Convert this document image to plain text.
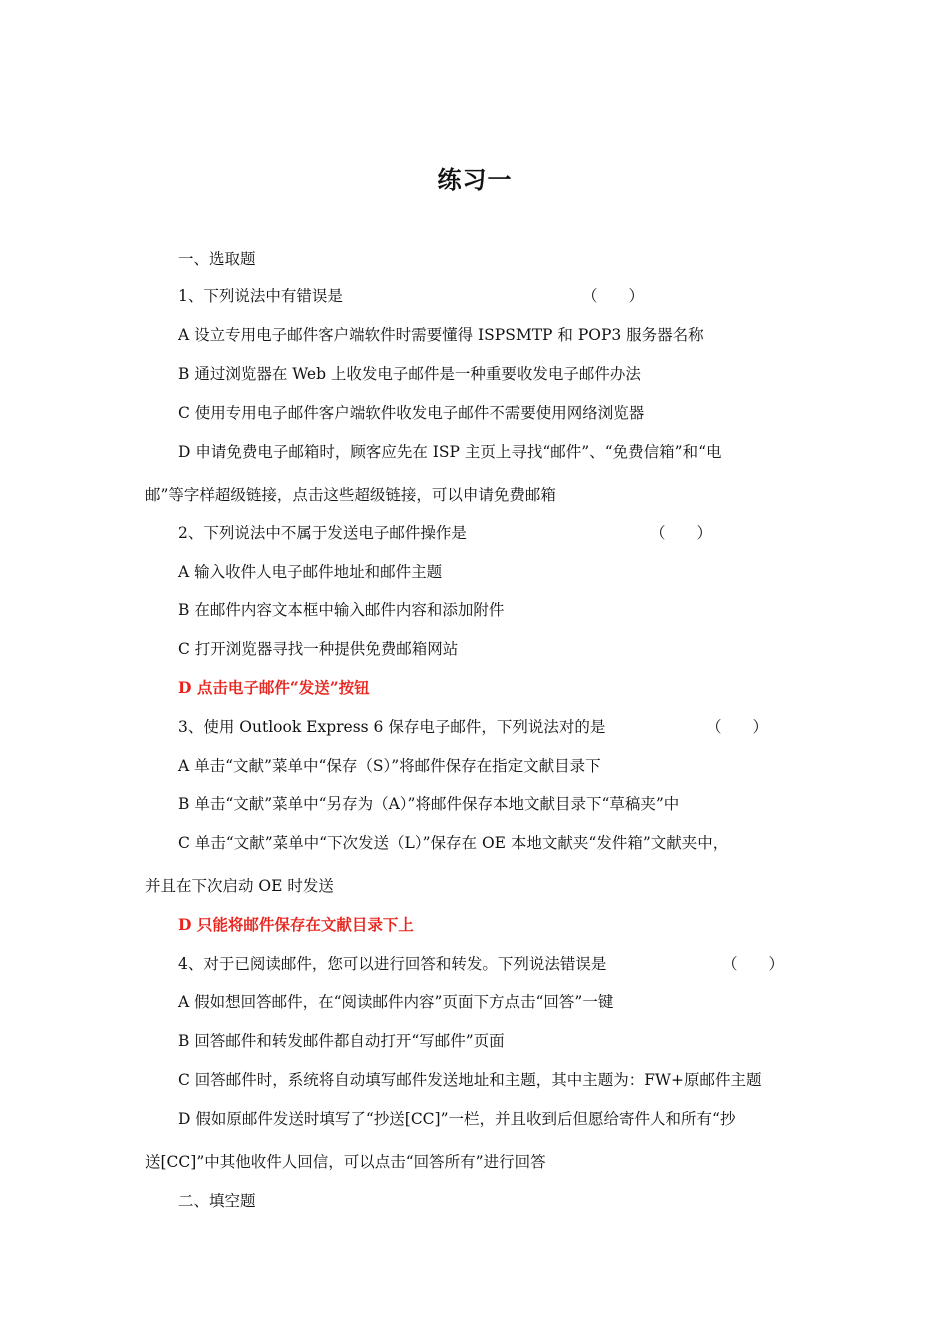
练习一
一、选取题
1、下列说法中有错误是	（　　）
A 设立专用电子邮件客户端软件时需要懂得 ISPSMTP 和 POP3 服务器名称
B 通过浏览器在 Web 上收发电子邮件是一种重要收发电子邮件办法
C 使用专用电子邮件客户端软件收发电子邮件不需要使用网络浏览器
D 申请免费电子邮箱时，顾客应先在 ISP 主页上寻找“邮件”、“免费信箱”和“电
邮”等字样超级链接，点击这些超级链接，可以申请免费邮箱
2、下列说法中不属于发送电子邮件操作是	（　　）
A 输入收件人电子邮件地址和邮件主题
B 在邮件内容文本框中输入邮件内容和添加附件
C 打开浏览器寻找一种提供免费邮箱网站
D 点击电子邮件“发送”按钮
3、使用 Outlook Express 6 保存电子邮件，下列说法对的是	（　　）
A 单击“文献”菜单中“保存（S）”将邮件保存在指定文献目录下
B 单击“文献”菜单中“另存为（A）”将邮件保存本地文献目录下“草稿夹”中
C 单击“文献”菜单中“下次发送（L）”保存在 OE 本地文献夹“发件箱”文献夹中，
并且在下次启动 OE 时发送
D 只能将邮件保存在文献目录下上
4、对于已阅读邮件，您可以进行回答和转发。下列说法错误是	（　　）
A 假如想回答邮件，在“阅读邮件内容”页面下方点击“回答”一键
B 回答邮件和转发邮件都自动打开“写邮件”页面
C 回答邮件时，系统将自动填写邮件发送地址和主题，其中主题为：FW+原邮件主题
D 假如原邮件发送时填写了“抄送[CC]”一栏，并且收到后但愿给寄件人和所有“抄
送[CC]”中其他收件人回信，可以点击“回答所有”进行回答
二、填空题
